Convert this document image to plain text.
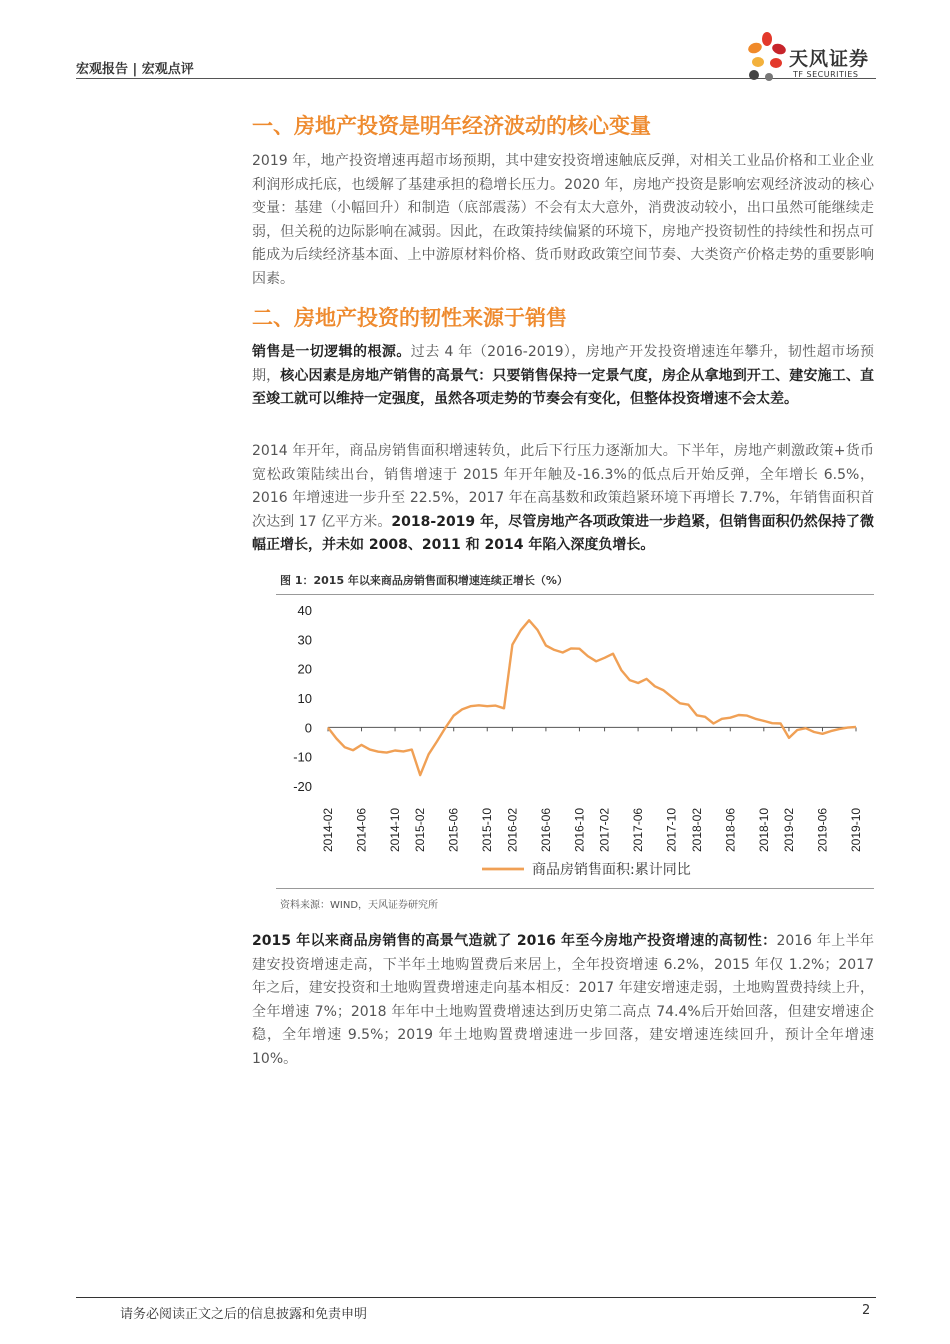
宏观报告 | 宏观点评	天风证券
TF SECURITIES
一、房地产投资是明年经济波动的核心变量

2019 年，地产投资增速再超市场预期，其中建安投资增速触底反弹，对相关工业品价格和工业企业利润形成托底，也缓解了基建承担的稳增长压力。2020 年，房地产投资是影响宏观经济波动的核心变量：基建（小幅回升）和制造（底部震荡）不会有太大意外，消费波动较小，出口虽然可能继续走弱，但关税的边际影响在减弱。因此，在政策持续偏紧的环境下，房地产投资韧性的持续性和拐点可能成为后续经济基本面、上中游原材料价格、货币财政政策空间节奏、大类资产价格走势的重要影响因素。

二、房地产投资的韧性来源于销售

销售是一切逻辑的根源。过去 4 年（2016-2019），房地产开发投资增速连年攀升，韧性超市场预期，核心因素是房地产销售的高景气：只要销售保持一定景气度，房企从拿地到开工、建安施工、直至竣工就可以维持一定强度，虽然各项走势的节奏会有变化，但整体投资增速不会太差。

2014 年开年，商品房销售面积增速转负，此后下行压力逐渐加大。下半年，房地产刺激政策+货币宽松政策陆续出台，销售增速于 2015 年开年触及-16.3%的低点后开始反弹，全年增长 6.5%，2016 年增速进一步升至 22.5%，2017 年在高基数和政策趋紧环境下再增长 7.7%，年销售面积首次达到 17 亿平方米。2018-2019 年，尽管房地产各项政策进一步趋紧，但销售面积仍然保持了微幅正增长，并未如 2008、2011 和 2014 年陷入深度负增长。

图 1：2015 年以来商品房销售面积增速连续正增长（%）
40
30
20
10
0
-10
-20
2014-02 2014-06 2014-10 2015-02 2015-06 2015-10 2016-02 2016-06 2016-10 2017-02 2017-06 2017-10 2018-02 2018-06 2018-10 2019-02 2019-06 2019-10
商品房销售面积:累计同比
资料来源：WIND，天风证券研究所

2015 年以来商品房销售的高景气造就了 2016 年至今房地产投资增速的高韧性：2016 年上半年建安投资增速走高，下半年土地购置费后来居上，全年投资增速 6.2%，2015 年仅 1.2%；2017 年之后，建安投资和土地购置费增速走向基本相反：2017 年建安增速走弱，土地购置费持续上升，全年增速 7%；2018 年年中土地购置费增速达到历史第二高点 74.4%后开始回落，但建安增速企稳，全年增速 9.5%；2019 年土地购置费增速进一步回落，建安增速连续回升，预计全年增速 10%。

请务必阅读正文之后的信息披露和免责申明	2
